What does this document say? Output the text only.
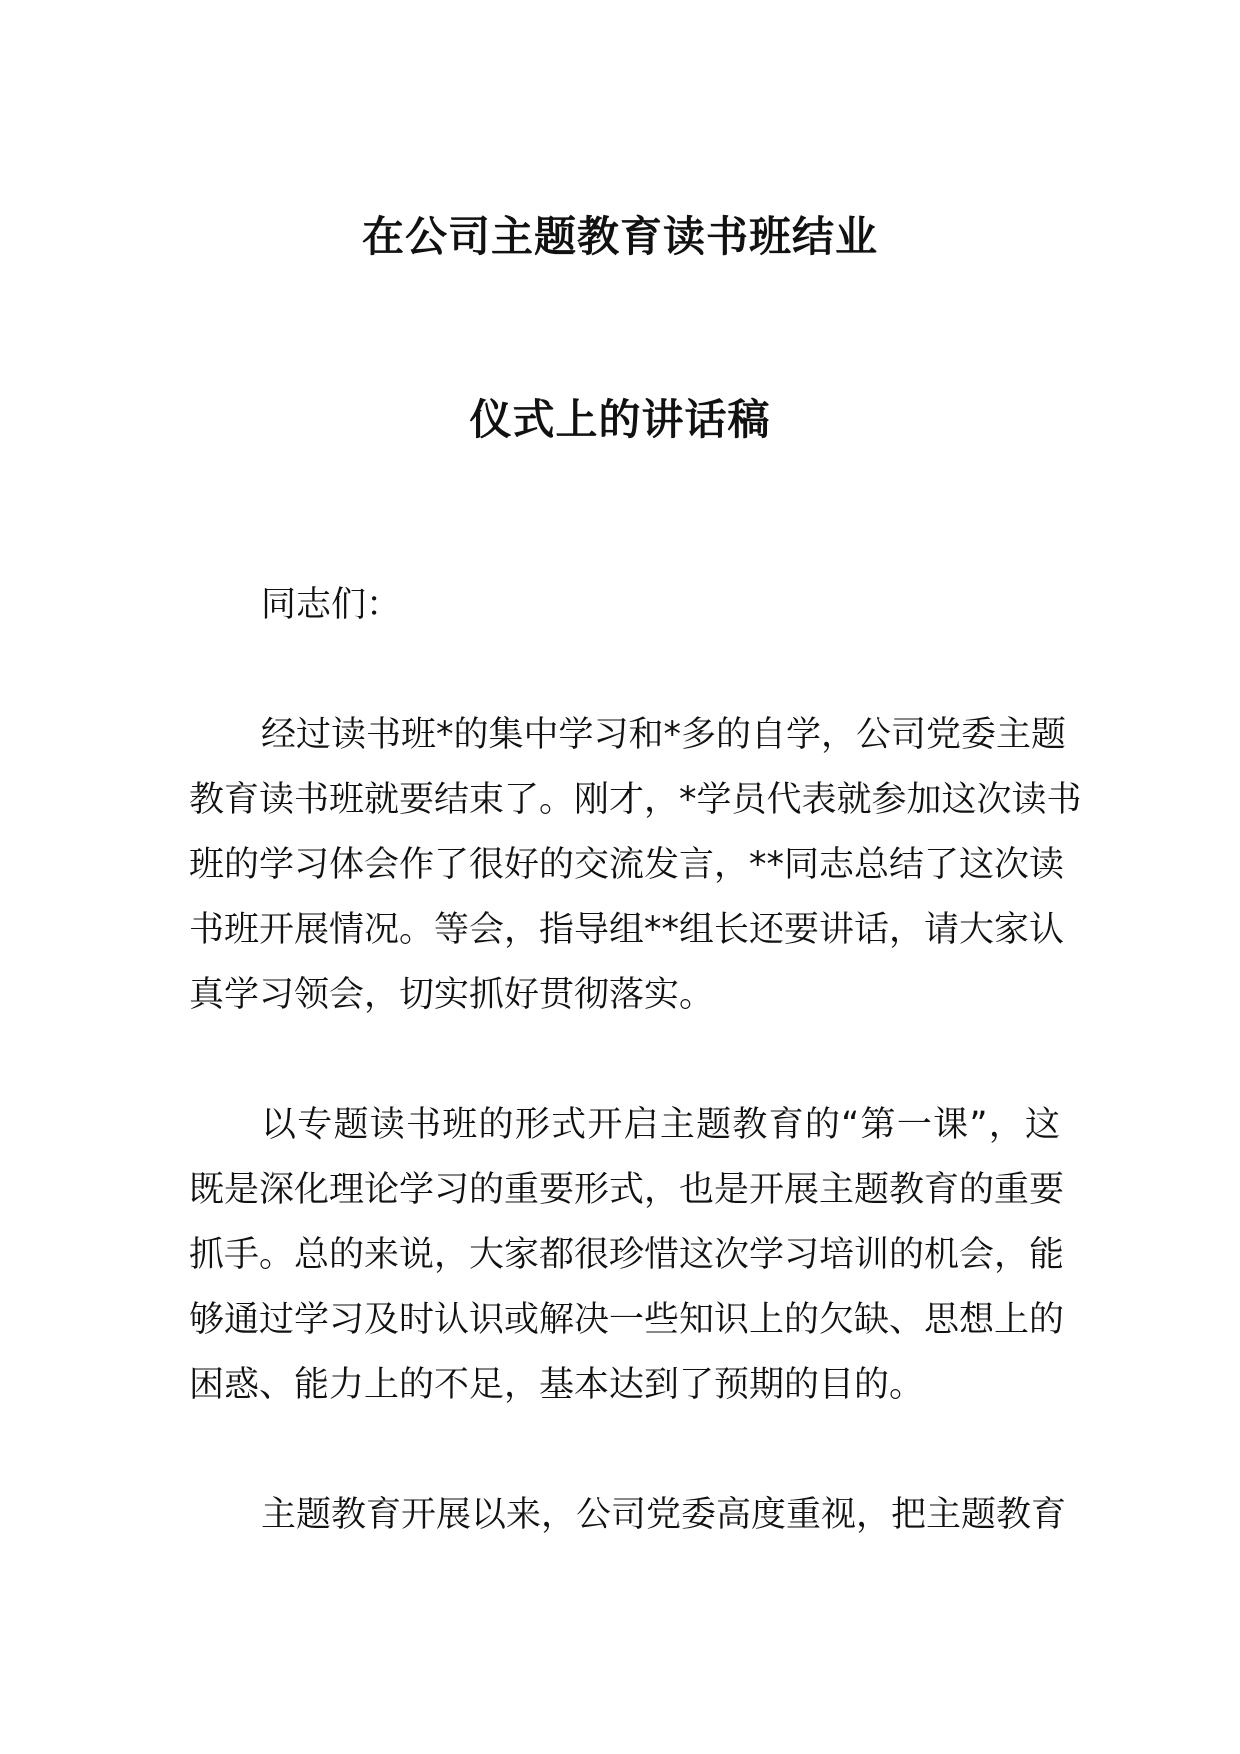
在公司主题教育读书班结业
仪式上的讲话稿
同志们：
经过读书班*的集中学习和*多的自学，公司党委主题
教育读书班就要结束了。刚才，*学员代表就参加这次读书
班的学习体会作了很好的交流发言，**同志总结了这次读
书班开展情况。等会，指导组**组长还要讲话，请大家认
真学习领会，切实抓好贯彻落实。
以专题读书班的形式开启主题教育的“第一课”，这
既是深化理论学习的重要形式，也是开展主题教育的重要
抓手。总的来说，大家都很珍惜这次学习培训的机会，能
够通过学习及时认识或解决一些知识上的欠缺、思想上的
困惑、能力上的不足，基本达到了预期的目的。
主题教育开展以来，公司党委高度重视，把主题教育
